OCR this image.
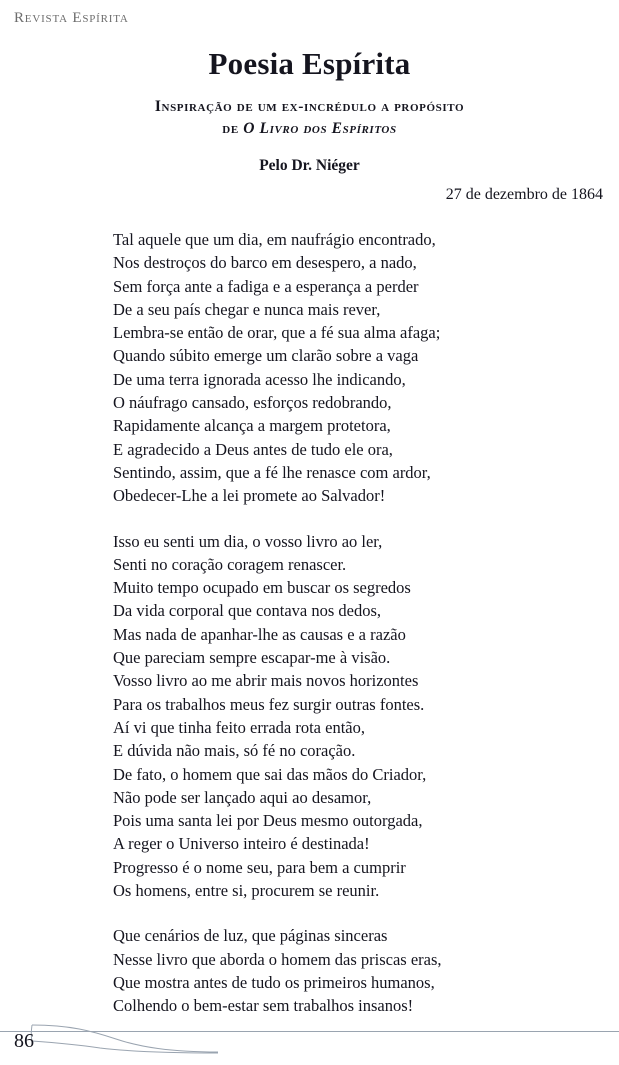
Revista Espírita
Poesia Espírita
Inspiração de um ex-incrédulo a propósito
de O Livro dos Espíritos
Pelo Dr. Niéger
27 de dezembro de 1864
Tal aquele que um dia, em naufrágio encontrado,
Nos destroços do barco em desespero, a nado,
Sem força ante a fadiga e a esperança a perder
De a seu país chegar e nunca mais rever,
Lembra-se então de orar, que a fé sua alma afaga;
Quando súbito emerge um clarão sobre a vaga
De uma terra ignorada acesso lhe indicando,
O náufrago cansado, esforços redobrando,
Rapidamente alcança a margem protetora,
E agradecido a Deus antes de tudo ele ora,
Sentindo, assim, que a fé lhe renasce com ardor,
Obedecer-Lhe a lei promete ao Salvador!
Isso eu senti um dia, o vosso livro ao ler,
Senti no coração coragem renascer.
Muito tempo ocupado em buscar os segredos
Da vida corporal que contava nos dedos,
Mas nada de apanhar-lhe as causas e a razão
Que pareciam sempre escapar-me à visão.
Vosso livro ao me abrir mais novos horizontes
Para os trabalhos meus fez surgir outras fontes.
Aí vi que tinha feito errada rota então,
E dúvida não mais, só fé no coração.
De fato, o homem que sai das mãos do Criador,
Não pode ser lançado aqui ao desamor,
Pois uma santa lei por Deus mesmo outorgada,
A reger o Universo inteiro é destinada!
Progresso é o nome seu, para bem a cumprir
Os homens, entre si, procurem se reunir.
Que cenários de luz, que páginas sinceras
Nesse livro que aborda o homem das priscas eras,
Que mostra antes de tudo os primeiros humanos,
Colhendo o bem-estar sem trabalhos insanos!
86
